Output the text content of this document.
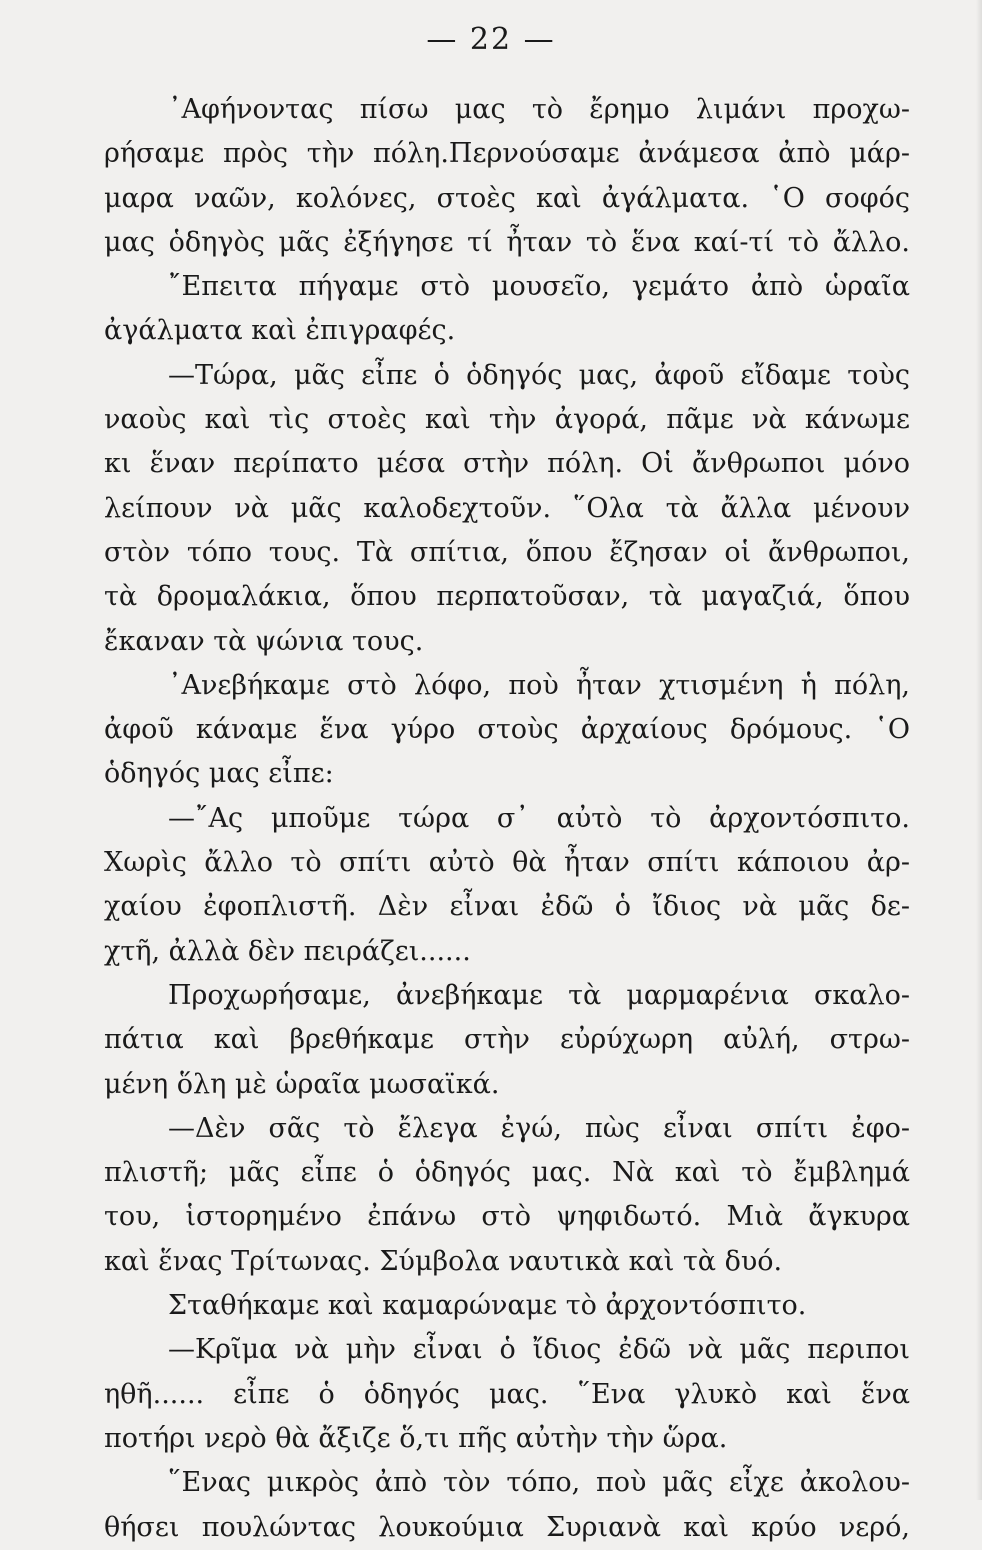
— 22 —
᾿Αφήνοντας πίσω μας τὸ ἔρημο λιμάνι προχω-
ρήσαμε πρὸς τὴν πόλη.Περνούσαμε ἀνάμεσα ἀπὸ μάρ-
μαρα ναῶν, κολόνες, στοὲς καὶ ἀγάλματα. ῾Ο σοφός
μας ὁδηγὸς μᾶς ἐξήγησε τί ἦταν τὸ ἕνα καί-τί τὸ ἄλλο.
῎Επειτα πήγαμε στὸ μουσεῖο, γεμάτο ἀπὸ ὡραῖα
ἀγάλματα καὶ ἐπιγραφές.
—Τώρα, μᾶς εἶπε ὁ ὁδηγός μας, ἀφοῦ εἴδαμε τοὺς
ναοὺς καὶ τὶς στοὲς καὶ τὴν ἀγορά, πᾶμε νὰ κάνωμε
κι ἕναν περίπατο μέσα στὴν πόλη. Οἱ ἄνθρωποι μόνο
λείπουν νὰ μᾶς καλοδεχτοῦν. ῞Ολα τὰ ἄλλα μένουν
στὸν τόπο τους. Τὰ σπίτια, ὅπου ἔζησαν οἱ ἄνθρωποι,
τὰ δρομαλάκια, ὅπου περπατοῦσαν, τὰ μαγαζιά, ὅπου
ἔκαναν τὰ ψώνια τους.
᾿Ανεβήκαμε στὸ λόφο, ποὺ ἦταν χτισμένη ἡ πόλη,
ἀφοῦ κάναμε ἕνα γύρο στοὺς ἀρχαίους δρόμους. ῾Ο
ὁδηγός μας εἶπε:
—῎Ας μποῦμε τώρα σ᾿ αὐτὸ τὸ ἀρχοντόσπιτο.
Χωρὶς ἄλλο τὸ σπίτι αὐτὸ θὰ ἦταν σπίτι κάποιου ἀρ-
χαίου ἐφοπλιστῆ. Δὲν εἶναι ἐδῶ ὁ ἴδιος νὰ μᾶς δε-
χτῆ, ἀλλὰ δὲν πειράζει......
Προχωρήσαμε, ἀνεβήκαμε τὰ μαρμαρένια σκαλο-
πάτια καὶ βρεθήκαμε στὴν εὐρύχωρη αὐλή, στρω-
μένη ὅλη μὲ ὡραῖα μωσαϊκά.
—Δὲν σᾶς τὸ ἔλεγα ἐγώ, πὼς εἶναι σπίτι ἐφο-
πλιστῆ; μᾶς εἶπε ὁ ὁδηγός μας. Νὰ καὶ τὸ ἔμβλημά
του, ἱστορημένο ἐπάνω στὸ ψηφιδωτό. Μιὰ ἄγκυρα
καὶ ἕνας Τρίτωνας. Σύμβολα ναυτικὰ καὶ τὰ δυό.
Σταθήκαμε καὶ καμαρώναμε τὸ ἀρχοντόσπιτο.
—Κρῖμα νὰ μὴν εἶναι ὁ ἴδιος ἐδῶ νὰ μᾶς περιποι
ηθῆ...... εἶπε ὁ ὁδηγός μας. ῞Ενα γλυκὸ καὶ ἕνα
ποτήρι νερὸ θὰ ἄξιζε ὅ,τι πῆς αὐτὴν τὴν ὥρα.
῞Ενας μικρὸς ἀπὸ τὸν τόπο, ποὺ μᾶς εἶχε ἀκολου-
θήσει πουλώντας λουκούμια Συριανὰ καὶ κρύο νερό,
